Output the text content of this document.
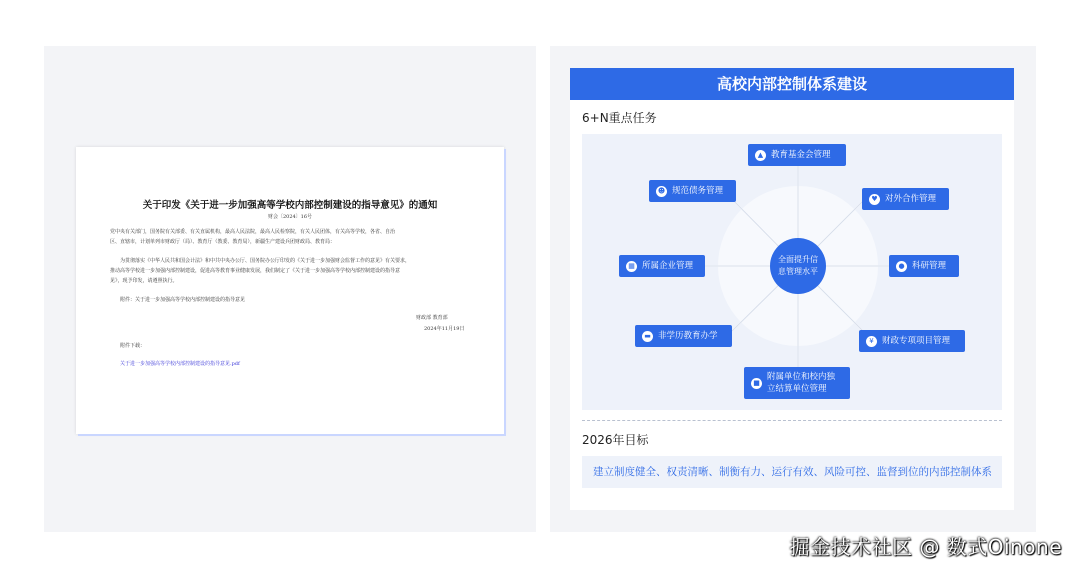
关于印发《关于进一步加强高等学校内部控制建设的指导意见》的通知
财会〔2024〕16号
党中央有关部门，国务院有关部委、有关直属机构，最高人民法院，最高人民检察院，有关人民团体，有关高等学校，各省、自治
区、直辖市，计划单列市财政厅（局）、教育厅（教委、教育局），新疆生产建设兵团财政局、教育局：
为贯彻落实《中华人民共和国会计法》和中共中央办公厅、国务院办公厅印发的《关于进一步加强财会监督工作的意见》有关要求，
推动高等学校进一步加强内部控制建设，促进高等教育事业健康发展，我们制定了《关于进一步加强高等学校内部控制建设的指导意
见》，现予印发，请遵照执行。
附件：关于进一步加强高等学校内部控制建设的指导意见
财政部 教育部
2024年11月19日
附件下载：
关于进一步加强高等学校内部控制建设的指导意见.pdf
高校内部控制体系建设
6+N重点任务
全面提升信
息管理水平
▲ 教育基金会管理
♥ 对外合作管理
● 科研管理
¥ 财政专项项目管理
■
附属单位和校内独
立结算单位管理
▬ 非学历教育办学
▦ 所属企业管理
☻ 规范债务管理
2026年目标
建立制度健全、权责清晰、制衡有力、运行有效、风险可控、监督到位的内部控制体系
掘金技术社区 @ 数式Oinone
